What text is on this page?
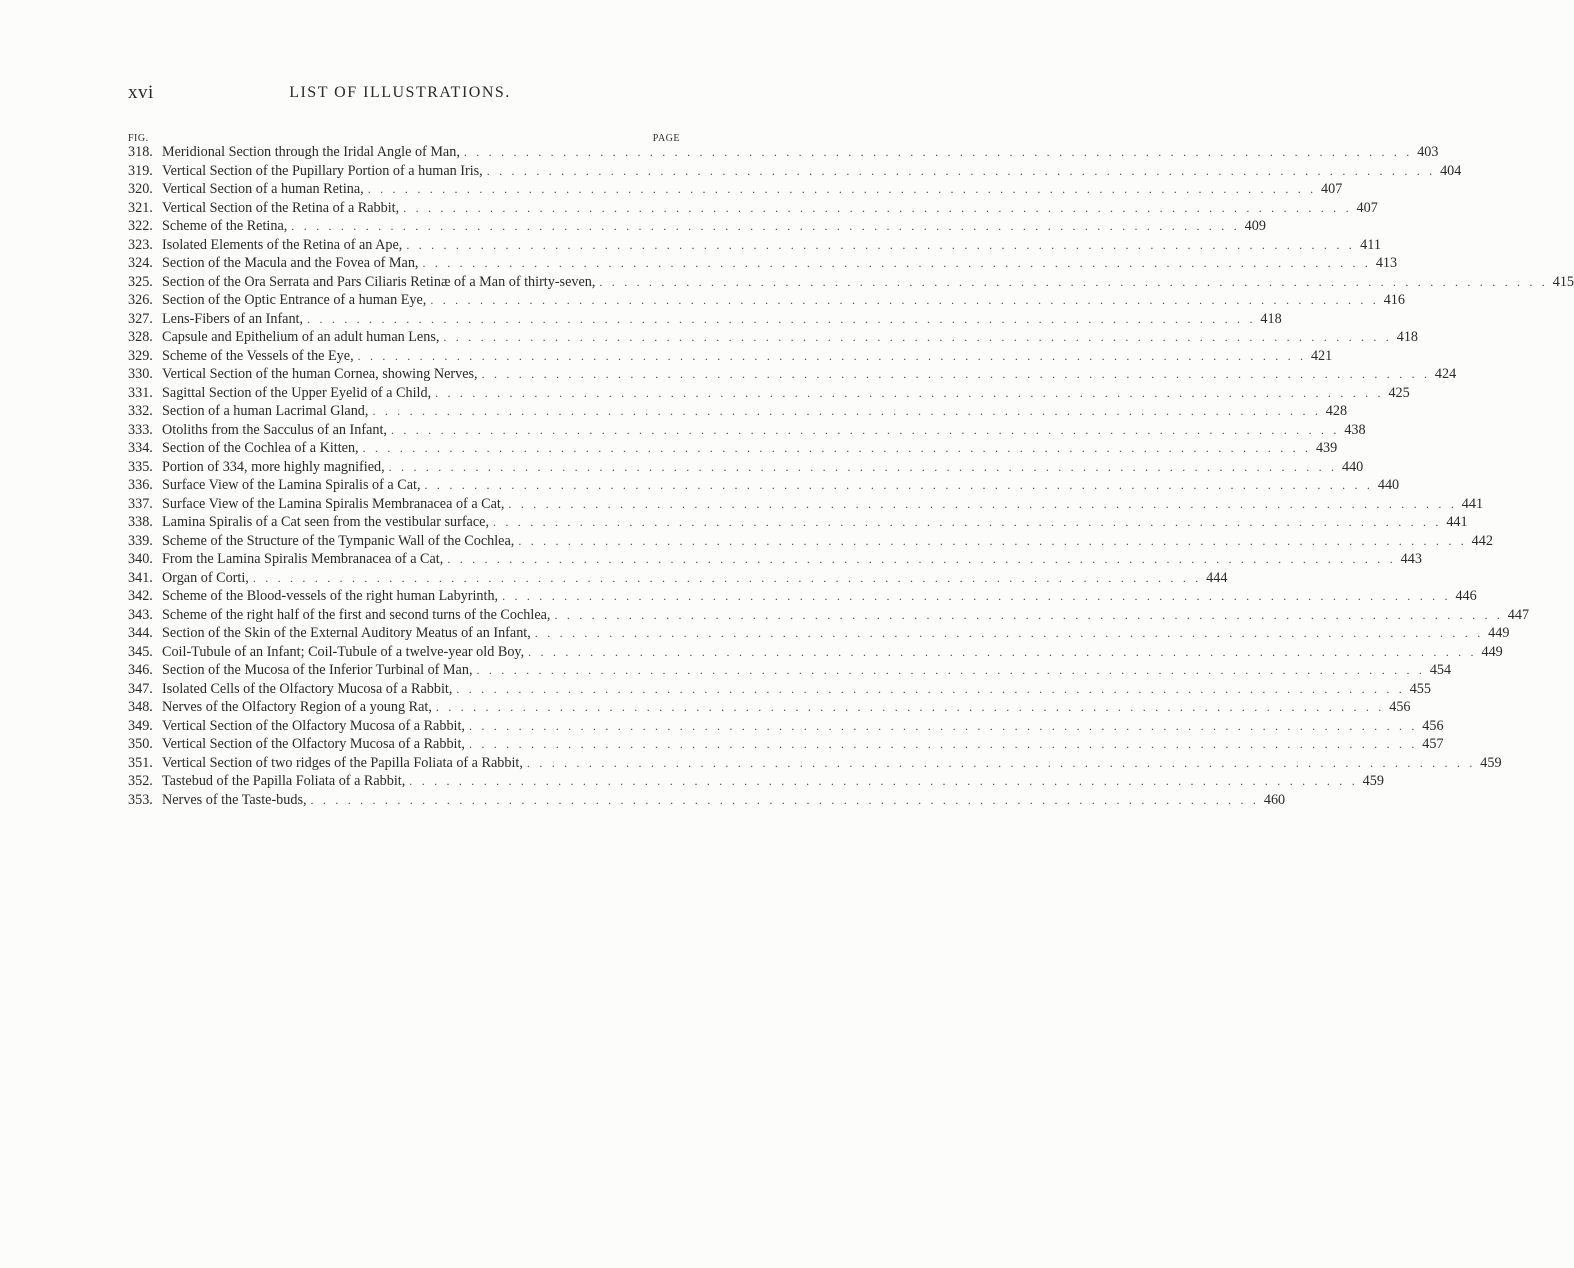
xvi	LIST OF ILLUSTRATIONS.
FIG.	PAGE
318. Meridional Section through the Iridal Angle of Man, . . . . . . . . . . . . . . . . . . . . . . . . . . . . . . . . . . . . . . . . . . . . . . . . . . . . . . . . . . . . . . . . . . . . . . . . . . . . . 403
319. Vertical Section of the Pupillary Portion of a human Iris, . . . . . . . . . . . . . . . . . . . . . . . . . . . . . . . . . . . . . . . . . . . . . . . . . . . . . . . . . . . . . . . . . . . . . . . . . . . . . 404
320. Vertical Section of a human Retina, . . . . . . . . . . . . . . . . . . . . . . . . . . . . . . . . . . . . . . . . . . . . . . . . . . . . . . . . . . . . . . . . . . . . . . . . . . . . . 407
321. Vertical Section of the Retina of a Rabbit, . . . . . . . . . . . . . . . . . . . . . . . . . . . . . . . . . . . . . . . . . . . . . . . . . . . . . . . . . . . . . . . . . . . . . . . . . . . . . 407
322. Scheme of the Retina, . . . . . . . . . . . . . . . . . . . . . . . . . . . . . . . . . . . . . . . . . . . . . . . . . . . . . . . . . . . . . . . . . . . . . . . . . . . . . 409
323. Isolated Elements of the Retina of an Ape, . . . . . . . . . . . . . . . . . . . . . . . . . . . . . . . . . . . . . . . . . . . . . . . . . . . . . . . . . . . . . . . . . . . . . . . . . . . . . 411
324. Section of the Macula and the Fovea of Man, . . . . . . . . . . . . . . . . . . . . . . . . . . . . . . . . . . . . . . . . . . . . . . . . . . . . . . . . . . . . . . . . . . . . . . . . . . . . . 413
325. Section of the Ora Serrata and Pars Ciliaris Retinæ of a Man of thirty-seven, . . . . . . . . . . . . . . . . . . . . . . . . . . . . . . . . . . . . . . . . . . . . . . . . . . . . . . . . . . . . . . . . . . . . . . . . . . . . . 415
326. Section of the Optic Entrance of a human Eye, . . . . . . . . . . . . . . . . . . . . . . . . . . . . . . . . . . . . . . . . . . . . . . . . . . . . . . . . . . . . . . . . . . . . . . . . . . . . . 416
327. Lens-Fibers of an Infant, . . . . . . . . . . . . . . . . . . . . . . . . . . . . . . . . . . . . . . . . . . . . . . . . . . . . . . . . . . . . . . . . . . . . . . . . . . . . . 418
328. Capsule and Epithelium of an adult human Lens, . . . . . . . . . . . . . . . . . . . . . . . . . . . . . . . . . . . . . . . . . . . . . . . . . . . . . . . . . . . . . . . . . . . . . . . . . . . . . 418
329. Scheme of the Vessels of the Eye, . . . . . . . . . . . . . . . . . . . . . . . . . . . . . . . . . . . . . . . . . . . . . . . . . . . . . . . . . . . . . . . . . . . . . . . . . . . . . 421
330. Vertical Section of the human Cornea, showing Nerves, . . . . . . . . . . . . . . . . . . . . . . . . . . . . . . . . . . . . . . . . . . . . . . . . . . . . . . . . . . . . . . . . . . . . . . . . . . . . . 424
331. Sagittal Section of the Upper Eyelid of a Child, . . . . . . . . . . . . . . . . . . . . . . . . . . . . . . . . . . . . . . . . . . . . . . . . . . . . . . . . . . . . . . . . . . . . . . . . . . . . . 425
332. Section of a human Lacrimal Gland, . . . . . . . . . . . . . . . . . . . . . . . . . . . . . . . . . . . . . . . . . . . . . . . . . . . . . . . . . . . . . . . . . . . . . . . . . . . . . 428
333. Otoliths from the Sacculus of an Infant, . . . . . . . . . . . . . . . . . . . . . . . . . . . . . . . . . . . . . . . . . . . . . . . . . . . . . . . . . . . . . . . . . . . . . . . . . . . . . 438
334. Section of the Cochlea of a Kitten, . . . . . . . . . . . . . . . . . . . . . . . . . . . . . . . . . . . . . . . . . . . . . . . . . . . . . . . . . . . . . . . . . . . . . . . . . . . . . 439
335. Portion of 334, more highly magnified, . . . . . . . . . . . . . . . . . . . . . . . . . . . . . . . . . . . . . . . . . . . . . . . . . . . . . . . . . . . . . . . . . . . . . . . . . . . . . 440
336. Surface View of the Lamina Spiralis of a Cat, . . . . . . . . . . . . . . . . . . . . . . . . . . . . . . . . . . . . . . . . . . . . . . . . . . . . . . . . . . . . . . . . . . . . . . . . . . . . . 440
337. Surface View of the Lamina Spiralis Membranacea of a Cat, . . . . . . . . . . . . . . . . . . . . . . . . . . . . . . . . . . . . . . . . . . . . . . . . . . . . . . . . . . . . . . . . . . . . . . . . . . . . . 441
338. Lamina Spiralis of a Cat seen from the vestibular surface, . . . . . . . . . . . . . . . . . . . . . . . . . . . . . . . . . . . . . . . . . . . . . . . . . . . . . . . . . . . . . . . . . . . . . . . . . . . . . 441
339. Scheme of the Structure of the Tympanic Wall of the Cochlea, . . . . . . . . . . . . . . . . . . . . . . . . . . . . . . . . . . . . . . . . . . . . . . . . . . . . . . . . . . . . . . . . . . . . . . . . . . . . . 442
340. From the Lamina Spiralis Membranacea of a Cat, . . . . . . . . . . . . . . . . . . . . . . . . . . . . . . . . . . . . . . . . . . . . . . . . . . . . . . . . . . . . . . . . . . . . . . . . . . . . . 443
341. Organ of Corti, . . . . . . . . . . . . . . . . . . . . . . . . . . . . . . . . . . . . . . . . . . . . . . . . . . . . . . . . . . . . . . . . . . . . . . . . . . . . . 444
342. Scheme of the Blood-vessels of the right human Labyrinth, . . . . . . . . . . . . . . . . . . . . . . . . . . . . . . . . . . . . . . . . . . . . . . . . . . . . . . . . . . . . . . . . . . . . . . . . . . . . . 446
343. Scheme of the right half of the first and second turns of the Cochlea, . . . . . . . . . . . . . . . . . . . . . . . . . . . . . . . . . . . . . . . . . . . . . . . . . . . . . . . . . . . . . . . . . . . . . . . . . . . . . 447
344. Section of the Skin of the External Auditory Meatus of an Infant, . . . . . . . . . . . . . . . . . . . . . . . . . . . . . . . . . . . . . . . . . . . . . . . . . . . . . . . . . . . . . . . . . . . . . . . . . . . . . 449
345. Coil-Tubule of an Infant; Coil-Tubule of a twelve-year old Boy, . . . . . . . . . . . . . . . . . . . . . . . . . . . . . . . . . . . . . . . . . . . . . . . . . . . . . . . . . . . . . . . . . . . . . . . . . . . . . 449
346. Section of the Mucosa of the Inferior Turbinal of Man, . . . . . . . . . . . . . . . . . . . . . . . . . . . . . . . . . . . . . . . . . . . . . . . . . . . . . . . . . . . . . . . . . . . . . . . . . . . . . 454
347. Isolated Cells of the Olfactory Mucosa of a Rabbit, . . . . . . . . . . . . . . . . . . . . . . . . . . . . . . . . . . . . . . . . . . . . . . . . . . . . . . . . . . . . . . . . . . . . . . . . . . . . . 455
348. Nerves of the Olfactory Region of a young Rat, . . . . . . . . . . . . . . . . . . . . . . . . . . . . . . . . . . . . . . . . . . . . . . . . . . . . . . . . . . . . . . . . . . . . . . . . . . . . . 456
349. Vertical Section of the Olfactory Mucosa of a Rabbit, . . . . . . . . . . . . . . . . . . . . . . . . . . . . . . . . . . . . . . . . . . . . . . . . . . . . . . . . . . . . . . . . . . . . . . . . . . . . . 456
350. Vertical Section of the Olfactory Mucosa of a Rabbit, . . . . . . . . . . . . . . . . . . . . . . . . . . . . . . . . . . . . . . . . . . . . . . . . . . . . . . . . . . . . . . . . . . . . . . . . . . . . . 457
351. Vertical Section of two ridges of the Papilla Foliata of a Rabbit, . . . . . . . . . . . . . . . . . . . . . . . . . . . . . . . . . . . . . . . . . . . . . . . . . . . . . . . . . . . . . . . . . . . . . . . . . . . . . 459
352. Tastebud of the Papilla Foliata of a Rabbit, . . . . . . . . . . . . . . . . . . . . . . . . . . . . . . . . . . . . . . . . . . . . . . . . . . . . . . . . . . . . . . . . . . . . . . . . . . . . . 459
353. Nerves of the Taste-buds, . . . . . . . . . . . . . . . . . . . . . . . . . . . . . . . . . . . . . . . . . . . . . . . . . . . . . . . . . . . . . . . . . . . . . . . . . . . . . 460
